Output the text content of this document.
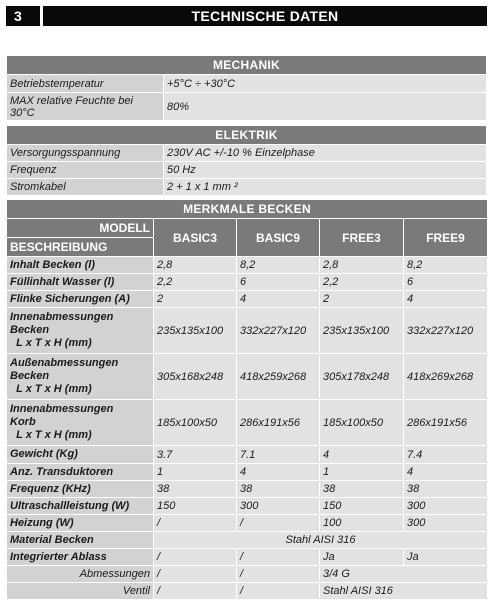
3	TECHNISCHE DATEN
MECHANIK	
Betriebstemperatur	+5°C ÷ +30°C
MAX relative Feuchte bei 30°C	80%
ELEKTRIK	
Versorgungsspannung	230V AC +/-10 % Einzelphase
Frequenz	50 Hz
Stromkabel	2 + 1 x 1 mm ²
MERKMALE BECKEN				
MODELL	BASIC3	BASIC9	FREE3	FREE9
BESCHREIBUNG				
Inhalt Becken (l)	2,8	8,2	2,8	8,2
Füllinhalt Wasser (l)	2,2	6	2,2	6
Flinke Sicherungen (A)	2	4	2	4

Innenabmessungen
Becken
L x T x H (mm)	235x135x100	332x227x120	235x135x100	332x227x120

Außenabmessungen
Becken
L x T x H (mm)	305x168x248	418x259x268	305x178x248	418x269x268

Innenabmessungen
Korb
L x T x H (mm)	185x100x50	286x191x56	185x100x50	286x191x56
Gewicht (Kg)	3.7	7.1	4	7.4
Anz. Transduktoren	1	4	1	4
Frequenz (KHz)	38	38	38	38
Ultraschallleistung (W)	150	300	150	300
Heizung (W)	/	/	100	300
Material Becken	Stahl AISI 316			
Integrierter Ablass	/	/	Ja	Ja
Abmessungen	/	/	3/4 G	
Ventil	/	/	Stahl AISI 316	
